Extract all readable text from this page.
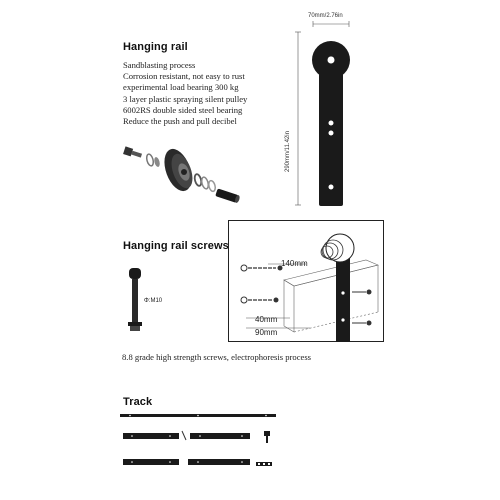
Hanging rail
Sandblasting process
Corrosion resistant, not easy to rust
experimental load bearing 300 kg
3 layer plastic spraying silent pulley
6002RS double sided steel bearing
Reduce the push and pull decibel
70mm/2.76in
290mm/11.42in
Hanging rail screws
Φ:M10
140mm
40mm
90mm
8.8 grade high strength screws, electrophoresis process
Track
